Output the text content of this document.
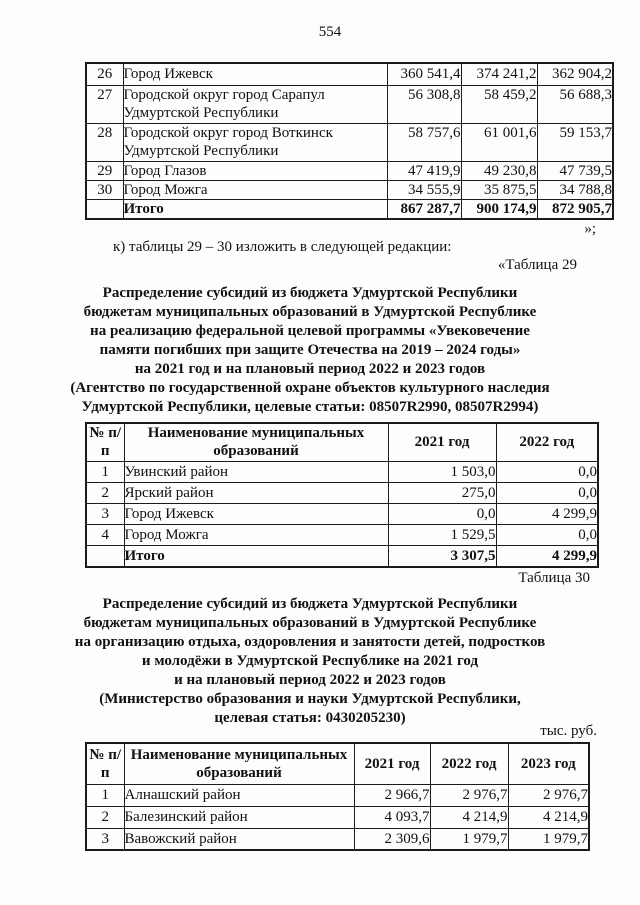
554
26	Город Ижевск	360 541,4	374 241,2	362 904,2
27	Городской округ город Сарапул Удмуртской Республики	56 308,8	58 459,2	56 688,3
28	Городской округ город Воткинск Удмуртской Республики	58 757,6	61 001,6	59 153,7
29	Город Глазов	47 419,9	49 230,8	47 739,5
30	Город Можга	34 555,9	35 875,5	34 788,8
	Итого	867 287,7	900 174,9	872 905,7
»;
к) таблицы 29 – 30 изложить в следующей редакции:
«Таблица 29
Распределение субсидий из бюджета Удмуртской Республики
бюджетам муниципальных образований в Удмуртской Республике
на реализацию федеральной целевой программы «Увековечение
памяти погибших при защите Отечества на 2019 – 2024 годы»
на 2021 год и на плановый период 2022 и 2023 годов
(Агентство по государственной охране объектов культурного наследия
Удмуртской Республики, целевые статьи: 08507R2990, 08507R2994)
№ п/п	Наименование муниципальных образований	2021 год	2022 год
1	Увинский район	1 503,0	0,0
2	Ярский район	275,0	0,0
3	Город Ижевск	0,0	4 299,9
4	Город Можга	1 529,5	0,0
	Итого	3 307,5	4 299,9
Таблица 30
Распределение субсидий из бюджета Удмуртской Республики
бюджетам муниципальных образований в Удмуртской Республике
на организацию отдыха, оздоровления и занятости детей, подростков
и молодёжи в Удмуртской Республике на 2021 год
и на плановый период 2022 и 2023 годов
(Министерство образования и науки Удмуртской Республики,
целевая статья: 0430205230)
тыс. руб.
№ п/п	Наименование муниципальных образований	2021 год	2022 год	2023 год
1	Алнашский район	2 966,7	2 976,7	2 976,7
2	Балезинский район	4 093,7	4 214,9	4 214,9
3	Вавожский район	2 309,6	1 979,7	1 979,7
